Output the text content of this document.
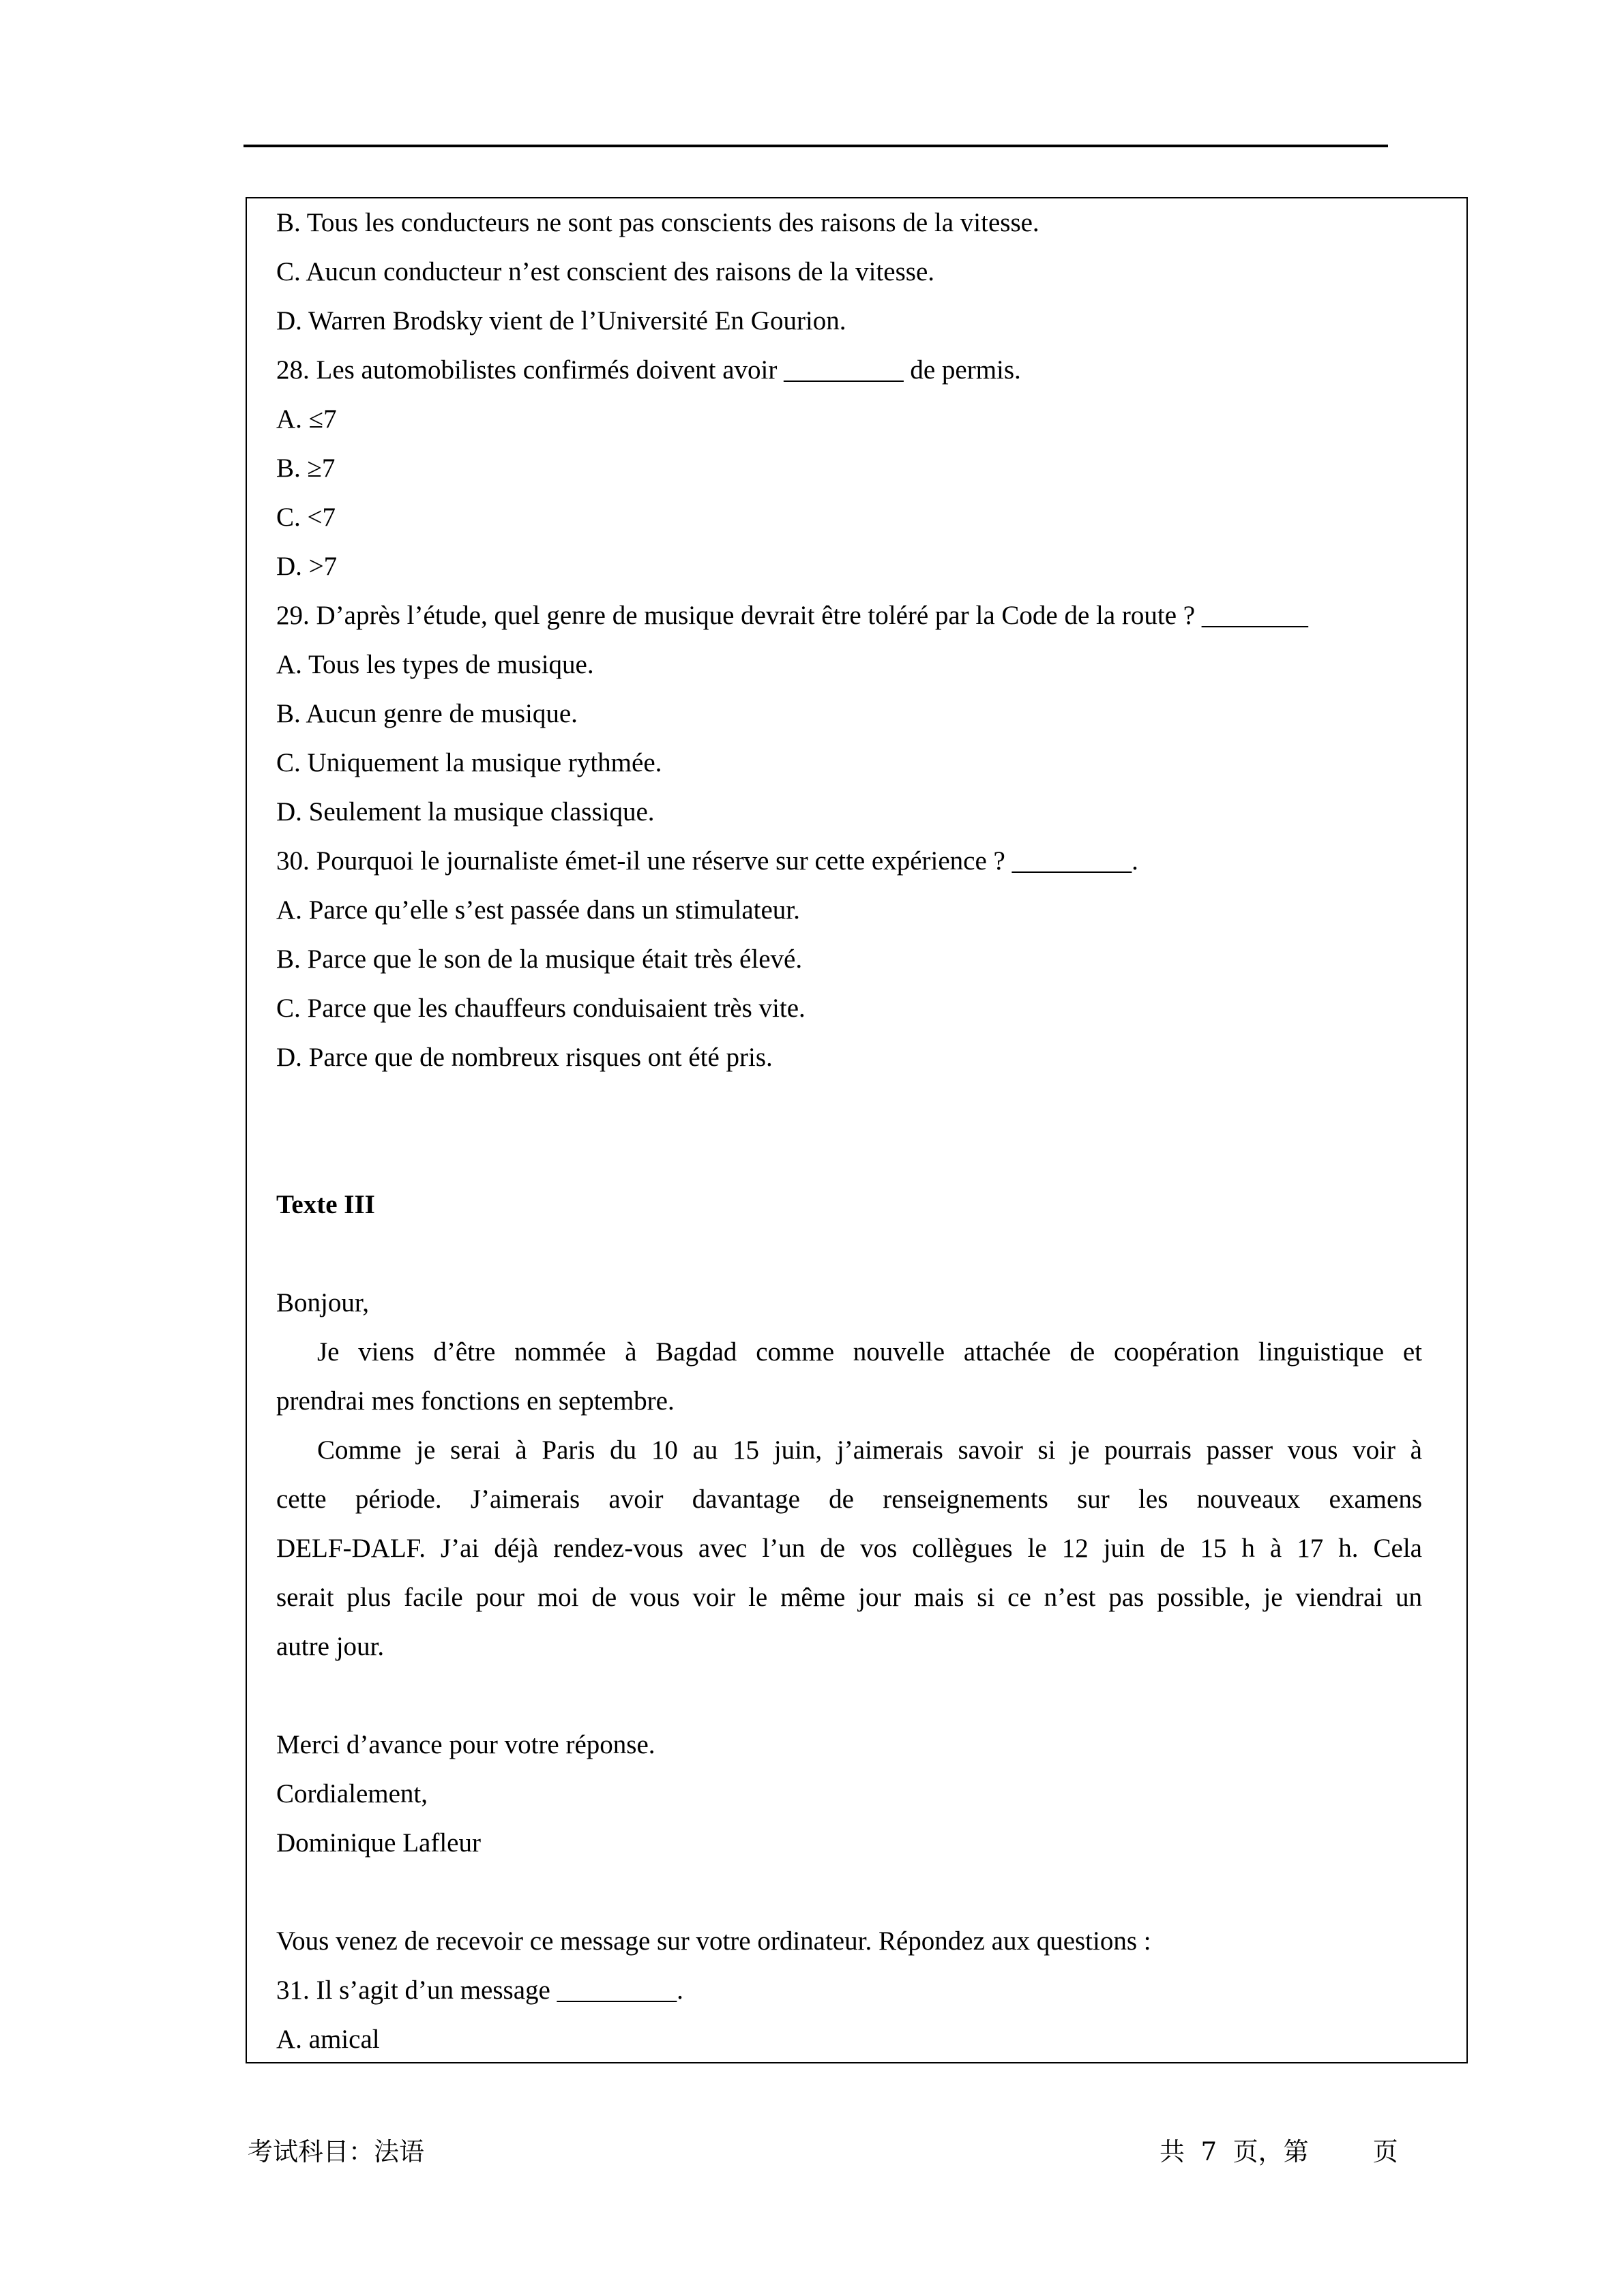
B. Tous les conducteurs ne sont pas conscients des raisons de la vitesse.
C. Aucun conducteur n’est conscient des raisons de la vitesse.
D. Warren Brodsky vient de l’Université En Gourion.
28. Les automobilistes confirmés doivent avoir _________ de permis.
A. ≤7
B. ≥7
C. <7
D. >7
29. D’après l’étude, quel genre de musique devrait être toléré par la Code de la route ? ________
A. Tous les types de musique.
B. Aucun genre de musique.
C. Uniquement la musique rythmée.
D. Seulement la musique classique.
30. Pourquoi le journaliste émet-il une réserve sur cette expérience ? _________.
A. Parce qu’elle s’est passée dans un stimulateur.
B. Parce que le son de la musique était très élevé.
C. Parce que les chauffeurs conduisaient très vite.
D. Parce que de nombreux risques ont été pris.
Texte III
Bonjour,
Je viens d’être nommée à Bagdad comme nouvelle attachée de coopération linguistique et
prendrai mes fonctions en septembre.
Comme je serai à Paris du 10 au 15 juin, j’aimerais savoir si je pourrais passer vous voir à
cette période. J’aimerais avoir davantage de renseignements sur les nouveaux examens
DELF-DALF. J’ai déjà rendez-vous avec l’un de vos collègues le 12 juin de 15 h à 17 h. Cela
serait plus facile pour moi de vous voir le même jour mais si ce n’est pas possible, je viendrai un
autre jour.
Merci d’avance pour votre réponse.
Cordialement,
Dominique Lafleur
Vous venez de recevoir ce message sur votre ordinateur. Répondez aux questions :
31. Il s’agit d’un message _________.
A. amical
考试科目：法语	共  7  页，第        页
